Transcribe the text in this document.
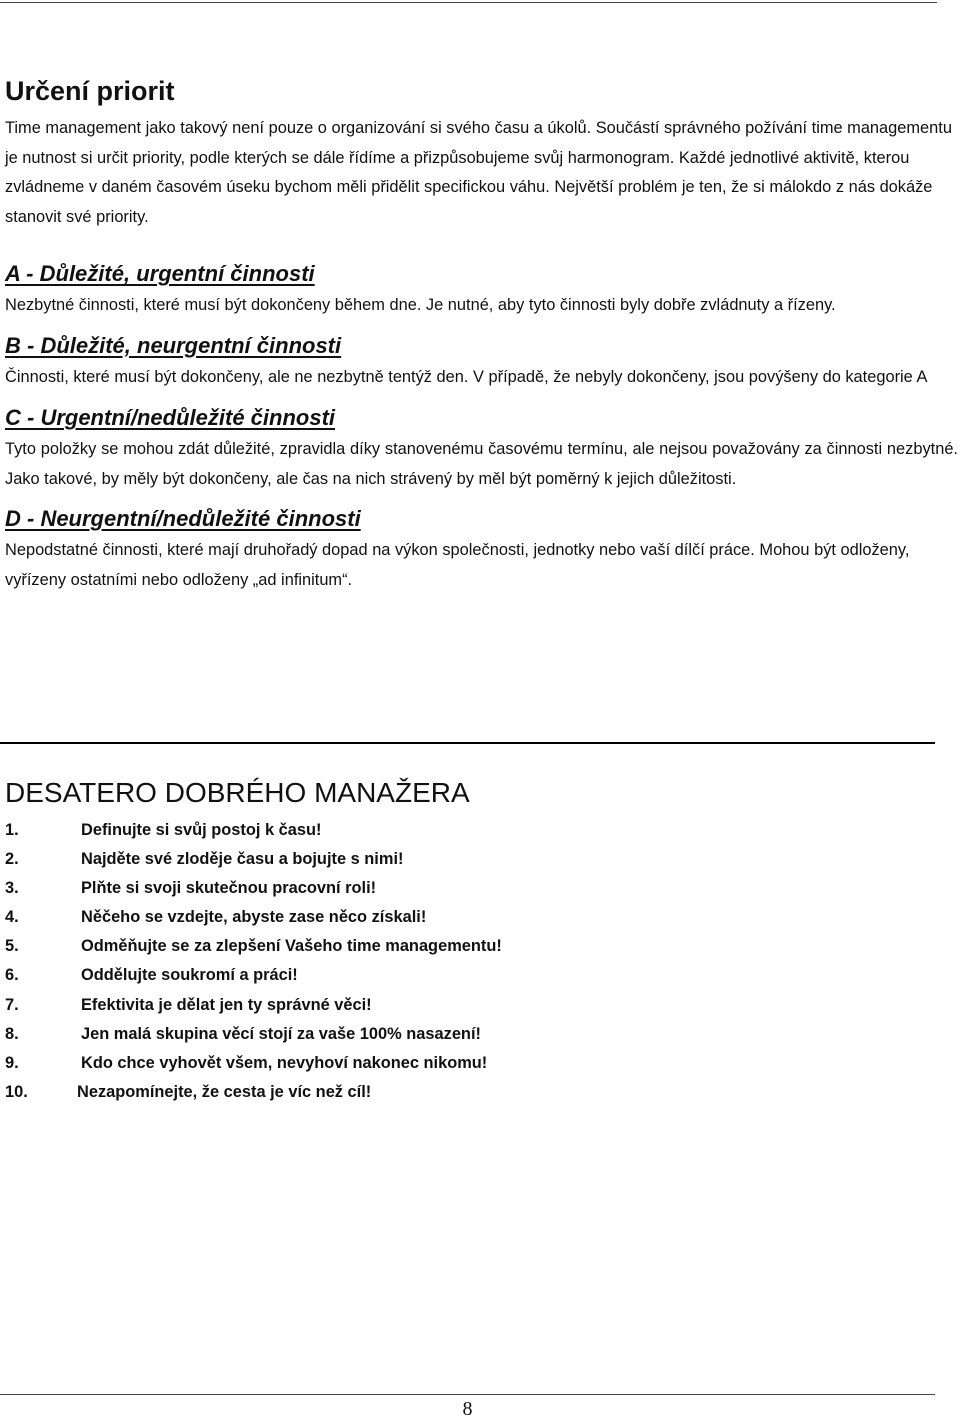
Určení priorit

Time management jako takový není pouze o organizování si svého času a úkolů. Součástí správného požívání time managementu je nutnost si určit priority, podle kterých se dále řídíme a přizpůsobujeme svůj harmonogram. Každé jednotlivé aktivitě, kterou zvládneme v daném časovém úseku bychom měli přidělit specifickou váhu. Největší problém je ten, že si málokdo z nás dokáže stanovit své priority.

A - Důležité, urgentní činnosti

Nezbytné činnosti, které musí být dokončeny během dne. Je nutné, aby tyto činnosti byly dobře zvládnuty a řízeny.

B - Důležité, neurgentní činnosti

Činnosti, které musí být dokončeny, ale ne nezbytně tentýž den. V případě, že nebyly dokončeny, jsou povýšeny do kategorie A

C - Urgentní/nedůležité činnosti

Tyto položky se mohou zdát důležité, zpravidla díky stanovenému časovému termínu, ale nejsou považovány za činnosti nezbytné. Jako takové, by měly být dokončeny, ale čas na nich strávený by měl být poměrný k jejich důležitosti.

D - Neurgentní/nedůležité činnosti

Nepodstatné činnosti, které mají druhořadý dopad na výkon společnosti, jednotky nebo vaší dílčí práce. Mohou být odloženy, vyřízeny ostatními nebo odloženy „ad infinitum“.

DESATERO DOBRÉHO MANAŽERA
1.	Definujte si svůj postoj k času!
2.	Najděte své zloděje času a bojujte s nimi!
3.	Plňte si svoji skutečnou pracovní roli!
4.	Něčeho se vzdejte, abyste zase něco získali!
5.	Odměňujte se za zlepšení Vašeho time managementu!
6.	Oddělujte soukromí a práci!
7.	Efektivita je dělat jen ty správné věci!
8.	Jen malá skupina věcí stojí za vaše 100% nasazení!
9.	Kdo chce vyhovět všem, nevyhoví nakonec nikomu!
10.	Nezapomínejte, že cesta je víc než cíl!
8
